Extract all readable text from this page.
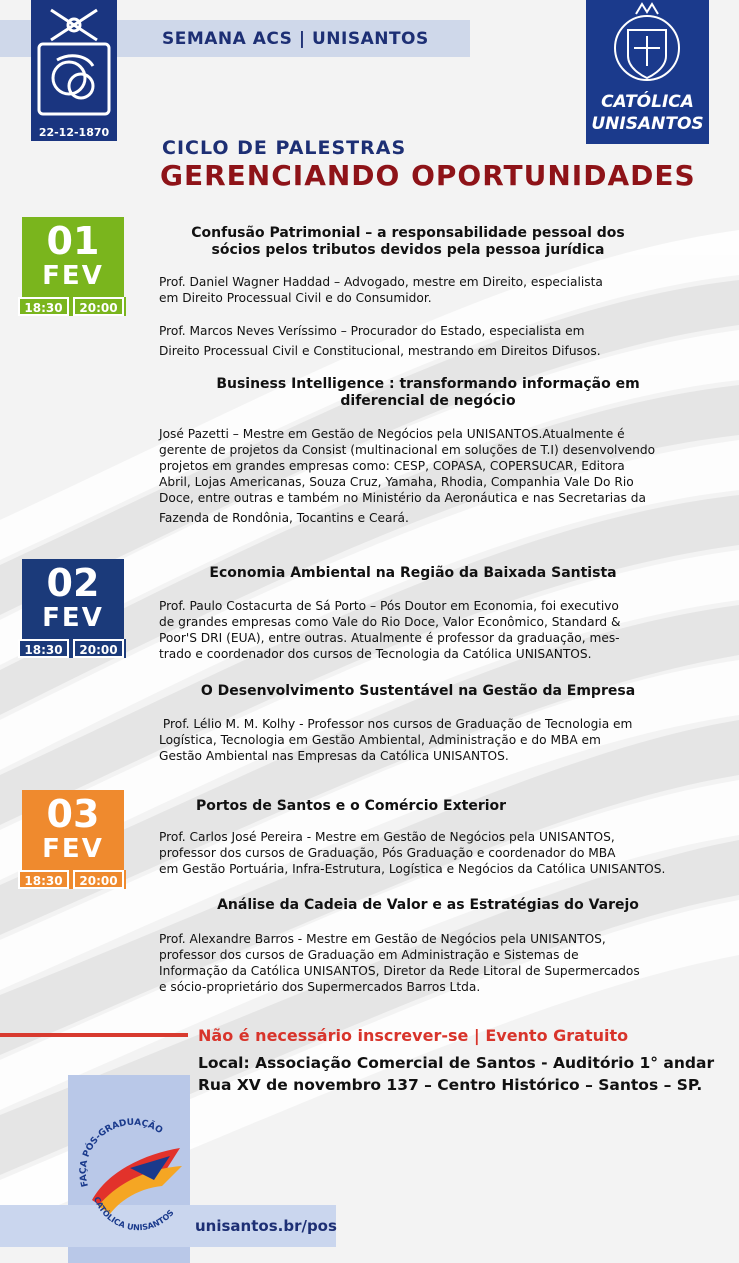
SEMANA ACS | UNISANTOS
22-12-1870
CATÓLICA
UNISANTOS
CICLO DE PALESTRAS
GERENCIANDO OPORTUNIDADES
01
FEV
18:30	20:00
02
FEV
18:30	20:00
03
FEV
18:30	20:00
Confusão Patrimonial – a responsabilidade pessoal dos
sócios pelos tributos devidos pela pessoa jurídica
Prof. Daniel Wagner Haddad – Advogado, mestre em Direito, especialista
em Direito Processual Civil e do Consumidor.
Prof. Marcos Neves Veríssimo – Procurador do Estado, especialista em
Direito Processual Civil e Constitucional, mestrando em Direitos Difusos.
Business Intelligence : transformando informação em
diferencial de negócio
José Pazetti – Mestre em Gestão de Negócios pela UNISANTOS.Atualmente é
gerente de projetos da Consist (multinacional em soluções de T.I) desenvolvendo
projetos em grandes empresas como: CESP, COPASA, COPERSUCAR, Editora
Abril, Lojas Americanas, Souza Cruz, Yamaha, Rhodia, Companhia Vale Do Rio
Doce, entre outras e também no Ministério da Aeronáutica e nas Secretarias da
Fazenda de Rondônia, Tocantins e Ceará.
Economia Ambiental na Região da Baixada Santista
Prof. Paulo Costacurta de Sá Porto – Pós Doutor em Economia, foi executivo
de grandes empresas como Vale do Rio Doce, Valor Econômico, Standard &
Poor'S DRI (EUA), entre outras. Atualmente é professor da graduação, mes-
trado e coordenador dos cursos de Tecnologia da Católica UNISANTOS.
O Desenvolvimento Sustentável na Gestão da Empresa
Prof. Lélio M. M. Kolhy - Professor nos cursos de Graduação de Tecnologia em
Logística, Tecnologia em Gestão Ambiental, Administração e do MBA em
Gestão Ambiental nas Empresas da Católica UNISANTOS.
Portos de Santos e o Comércio Exterior
Prof. Carlos José Pereira - Mestre em Gestão de Negócios pela UNISANTOS,
professor dos cursos de Graduação, Pós Graduação e coordenador do MBA
em Gestão Portuária, Infra-Estrutura, Logística e Negócios da Católica UNISANTOS.
Análise da Cadeia de Valor e as Estratégias do Varejo
Prof. Alexandre Barros - Mestre em Gestão de Negócios pela UNISANTOS,
professor dos cursos de Graduação em Administração e Sistemas de
Informação da Católica UNISANTOS, Diretor da Rede Litoral de Supermercados
e sócio-proprietário dos Supermercados Barros Ltda.
Não é necessário inscrever-se | Evento Gratuito
Local: Associação Comercial de Santos - Auditório 1° andar
Rua XV de novembro 137 – Centro Histórico – Santos – SP.
unisantos.br/pos
FAÇA PÓS-GRADUAÇÃO
CATÓLICA UNISANTOS
